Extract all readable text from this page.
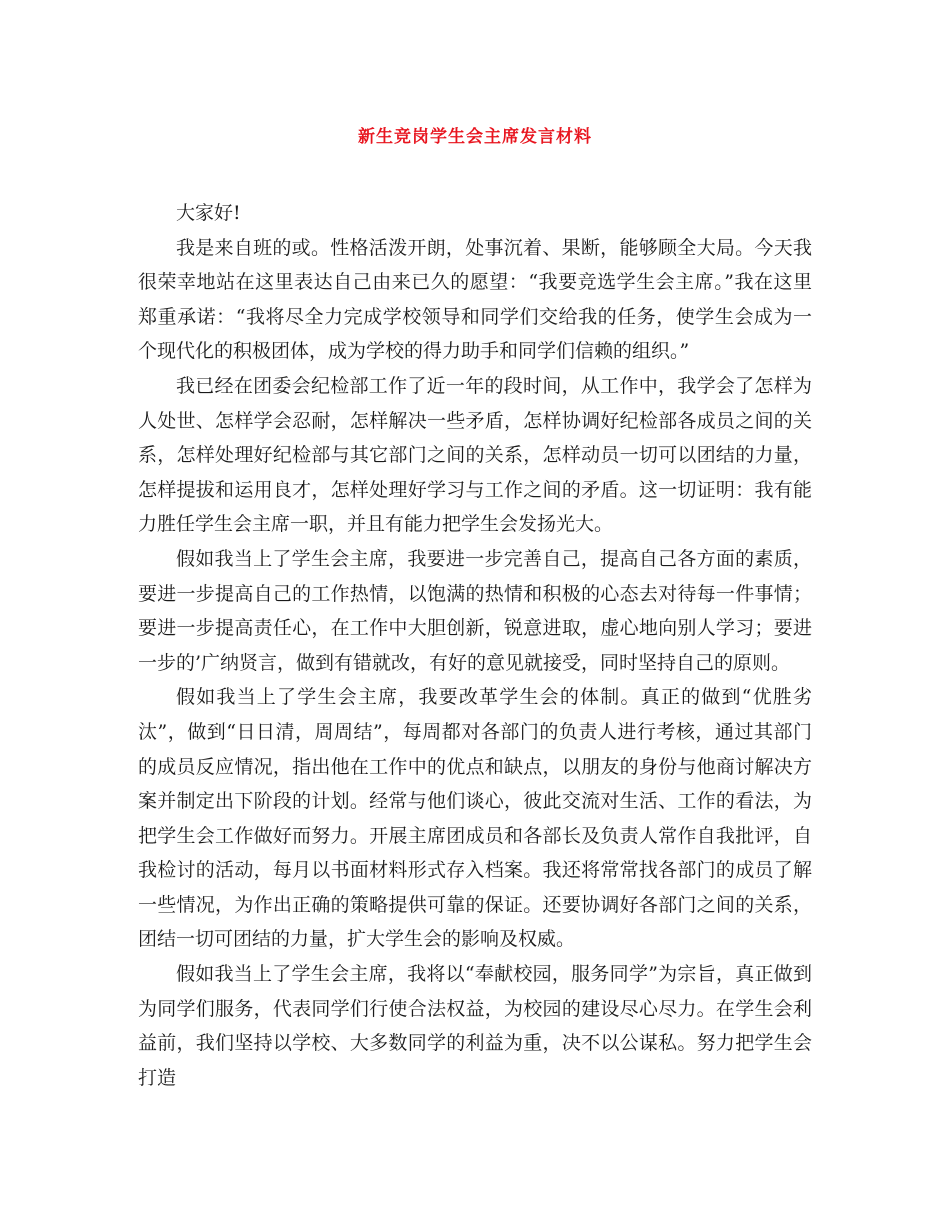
新生竞岗学生会主席发言材料

大家好!

我是来自班的或。性格活泼开朗，处事沉着、果断，能够顾全大局。今天我很荣幸地站在这里表达自己由来已久的愿望：“我要竞选学生会主席。”我在这里郑重承诺：“我将尽全力完成学校领导和同学们交给我的任务，使学生会成为一个现代化的积极团体，成为学校的得力助手和同学们信赖的组织。”

我已经在团委会纪检部工作了近一年的段时间，从工作中，我学会了怎样为人处世、怎样学会忍耐，怎样解决一些矛盾，怎样协调好纪检部各成员之间的关系，怎样处理好纪检部与其它部门之间的关系，怎样动员一切可以团结的力量，怎样提拔和运用良才，怎样处理好学习与工作之间的矛盾。这一切证明：我有能力胜任学生会主席一职，并且有能力把学生会发扬光大。

假如我当上了学生会主席，我要进一步完善自己，提高自己各方面的素质，要进一步提高自己的工作热情，以饱满的热情和积极的心态去对待每一件事情；要进一步提高责任心，在工作中大胆创新，锐意进取，虚心地向别人学习；要进一步的’广纳贤言，做到有错就改，有好的意见就接受，同时坚持自己的原则。

假如我当上了学生会主席，我要改革学生会的体制。真正的做到“优胜劣汰”，做到“日日清，周周结”，每周都对各部门的负责人进行考核，通过其部门的成员反应情况，指出他在工作中的优点和缺点，以朋友的身份与他商讨解决方案并制定出下阶段的计划。经常与他们谈心，彼此交流对生活、工作的看法，为把学生会工作做好而努力。开展主席团成员和各部长及负责人常作自我批评，自我检讨的活动，每月以书面材料形式存入档案。我还将常常找各部门的成员了解一些情况，为作出正确的策略提供可靠的保证。还要协调好各部门之间的关系，团结一切可团结的力量，扩大学生会的影响及权威。

假如我当上了学生会主席，我将以“奉献校园，服务同学”为宗旨，真正做到为同学们服务，代表同学们行使合法权益，为校园的建设尽心尽力。在学生会利益前，我们坚持以学校、大多数同学的利益为重，决不以公谋私。努力把学生会打造
